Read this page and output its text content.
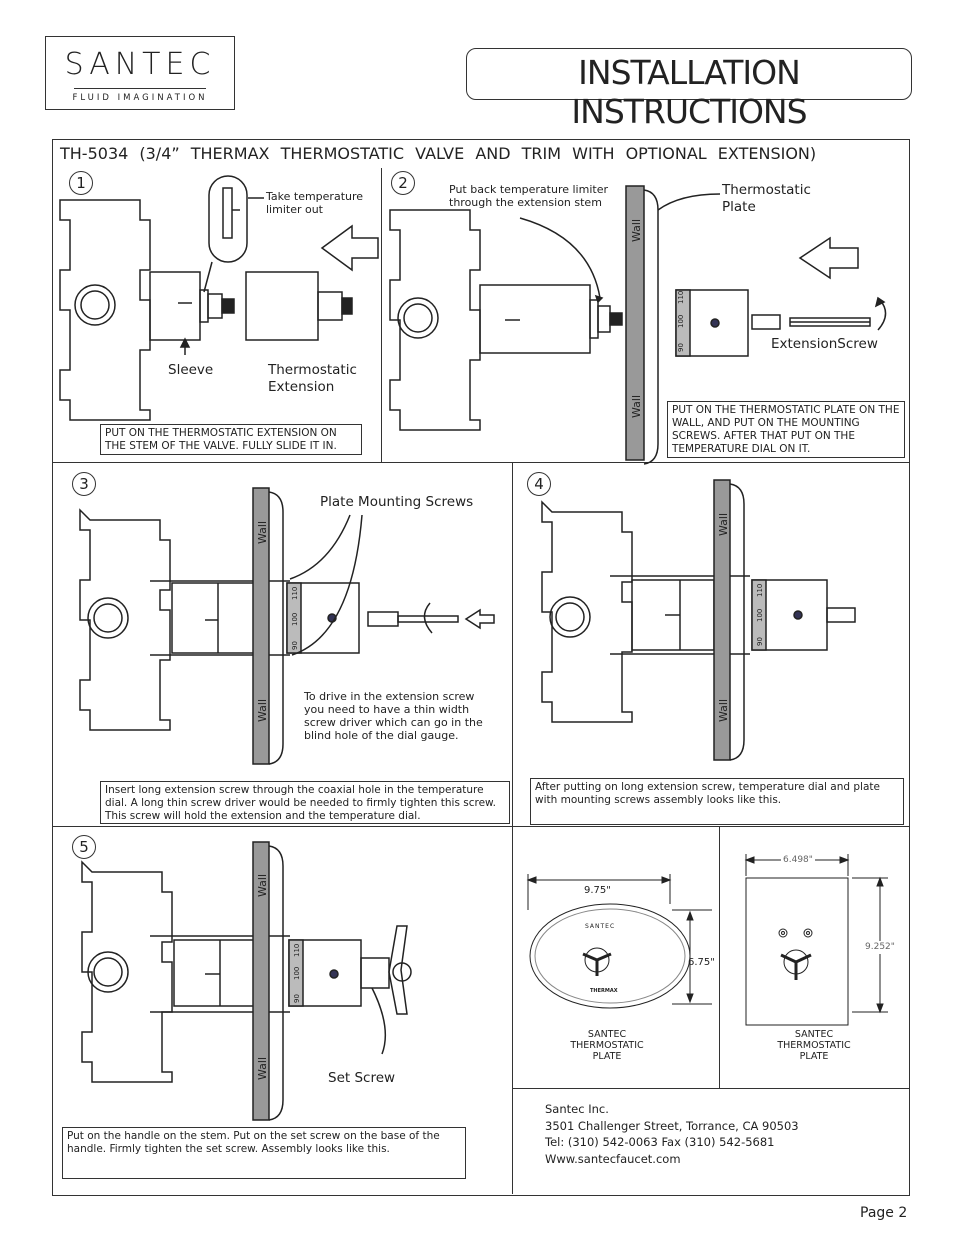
SANTEC
FLUID IMAGINATION
INSTALLATION INSTRUCTIONS
TH-5034 (3/4” THERMAX THERMOSTATIC VALVE AND TRIM WITH OPTIONAL EXTENSION)
1	2
3	4
5
Take temperature limiter out
Sleeve	Thermostatic Extension
PUT ON THE THERMOSTATIC EXTENSION ON THE STEM OF THE VALVE. FULLY SLIDE IT IN.
90
100
110
Wall
Wall
Put back temperature limiter through the extension stem
Thermostatic Plate
ExtensionScrew
PUT ON THE THERMOSTATIC PLATE ON THE WALL, AND PUT ON THE MOUNTING SCREWS. AFTER THAT PUT ON THE TEMPERATURE DIAL ON IT.
90
100
110
Wall
Wall
Plate Mounting Screws
To drive in the extension screw you need to have a thin width screw driver which can go in the blind hole of the dial gauge.
Insert long extension screw through the coaxial hole in the temperature dial. A long thin screw driver would be needed to firmly tighten this screw. This screw will hold the extension and the temperature dial.
90
100
110
Wall
Wall
After putting on long extension screw, temperature dial and plate with mounting screws assembly looks like this.
90
100
110
Wall
Wall	Set Screw
Put on the handle on the stem. Put on the set screw on the base of the handle. Firmly tighten the set screw. Assembly looks like this.
9.75"
6.75"
SANTEC
THERMAX
SANTEC THERMOSTATIC PLATE
6.498"
9.252"
SANTEC THERMOSTATIC PLATE
Santec Inc.
3501 Challenger Street, Torrance, CA 90503
Tel: (310) 542-0063 Fax (310) 542-5681
Www.santecfaucet.com
Page 2
